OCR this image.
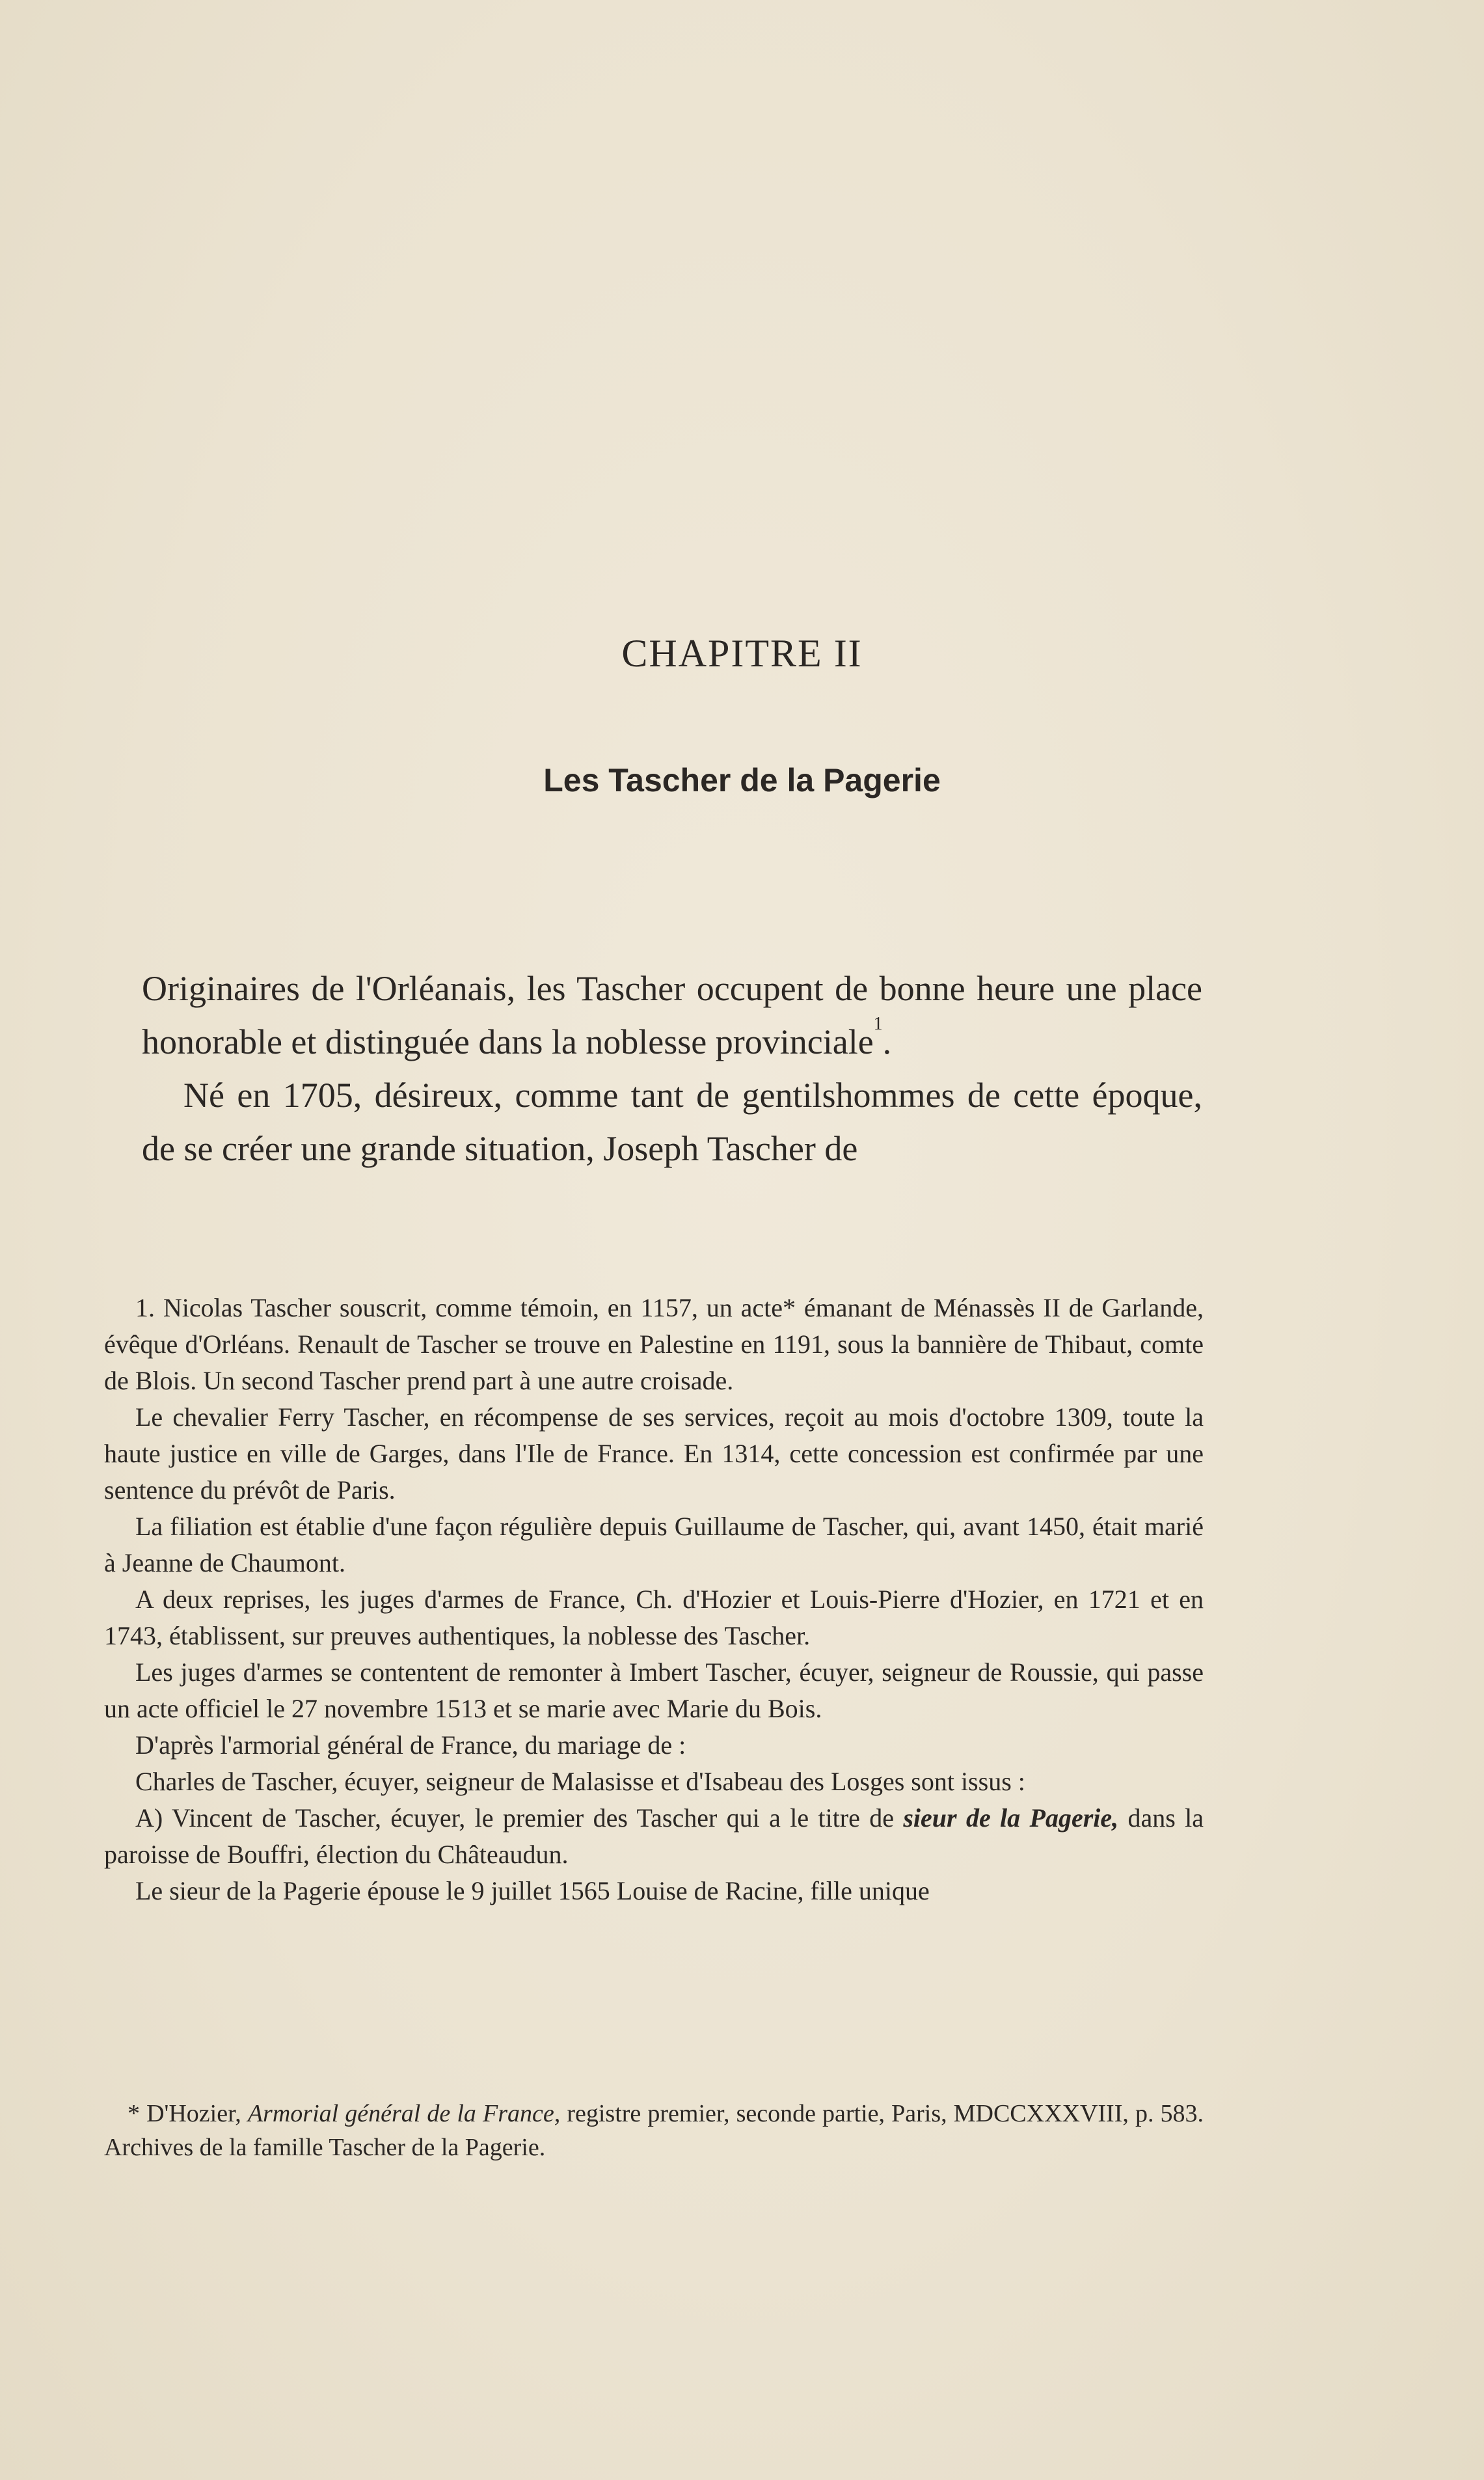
CHAPITRE II
Les Tascher de la Pagerie

Originaires de l'Orléanais, les Tascher occupent de bonne heure une place honorable et distinguée dans la noblesse provinciale$^1$.

Né en 1705, désireux, comme tant de gentilshommes de cette époque, de se créer une grande situation, Joseph Tascher de

1. Nicolas Tascher souscrit, comme témoin, en 1157, un acte* émanant de Ménassès II de Garlande, évêque d'Orléans. Renault de Tascher se trouve en Palestine en 1191, sous la bannière de Thibaut, comte de Blois. Un second Tascher prend part à une autre croisade.

Le chevalier Ferry Tascher, en récompense de ses services, reçoit au mois d'octobre 1309, toute la haute justice en ville de Garges, dans l'Ile de France. En 1314, cette concession est confirmée par une sentence du prévôt de Paris.

La filiation est établie d'une façon régulière depuis Guillaume de Tascher, qui, avant 1450, était marié à Jeanne de Chaumont.

A deux reprises, les juges d'armes de France, Ch. d'Hozier et Louis-Pierre d'Hozier, en 1721 et en 1743, établissent, sur preuves authentiques, la noblesse des Tascher.

Les juges d'armes se contentent de remonter à Imbert Tascher, écuyer, seigneur de Roussie, qui passe un acte officiel le 27 novembre 1513 et se marie avec Marie du Bois.

D'après l'armorial général de France, du mariage de :

Charles de Tascher, écuyer, seigneur de Malasisse et d'Isabeau des Losges sont issus :

A) Vincent de Tascher, écuyer, le premier des Tascher qui a le titre de sieur de la Pagerie, dans la paroisse de Bouffri, élection du Châteaudun.

Le sieur de la Pagerie épouse le 9 juillet 1565 Louise de Racine, fille unique

* D'Hozier, Armorial général de la France, registre premier, seconde partie, Paris, MDCCXXXVIII, p. 583. Archives de la famille Tascher de la Pagerie.
